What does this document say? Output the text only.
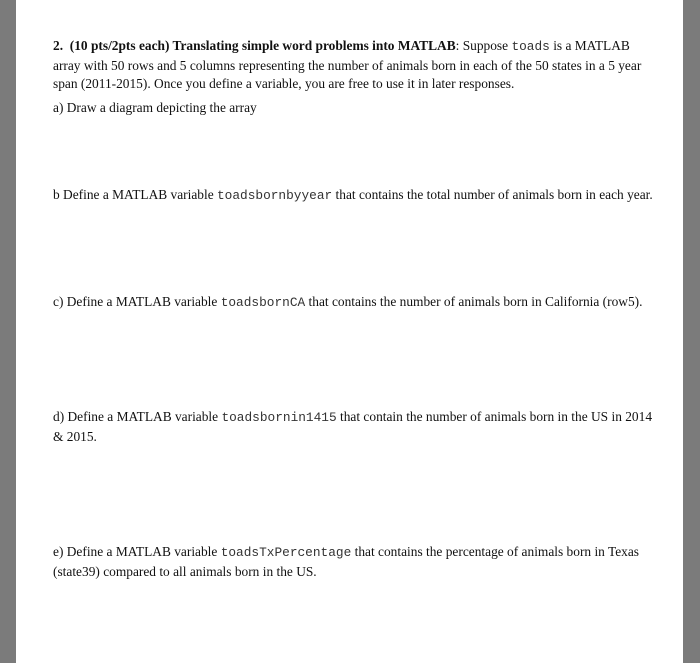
2. (10 pts/2pts each) Translating simple word problems into MATLAB: Suppose toads is a MATLAB array with 50 rows and 5 columns representing the number of animals born in each of the 50 states in a 5 year span (2011-2015). Once you define a variable, you are free to use it in later responses.

a) Draw a diagram depicting the array

b Define a MATLAB variable toadsbornbyyear that contains the total number of animals born in each year.

c) Define a MATLAB variable toadsbornCA that contains the number of animals born in California (row5).

d) Define a MATLAB variable toadsbornin1415 that contain the number of animals born in the US in 2014 & 2015.

e) Define a MATLAB variable toadsTxPercentage that contains the percentage of animals born in Texas (state39) compared to all animals born in the US.
